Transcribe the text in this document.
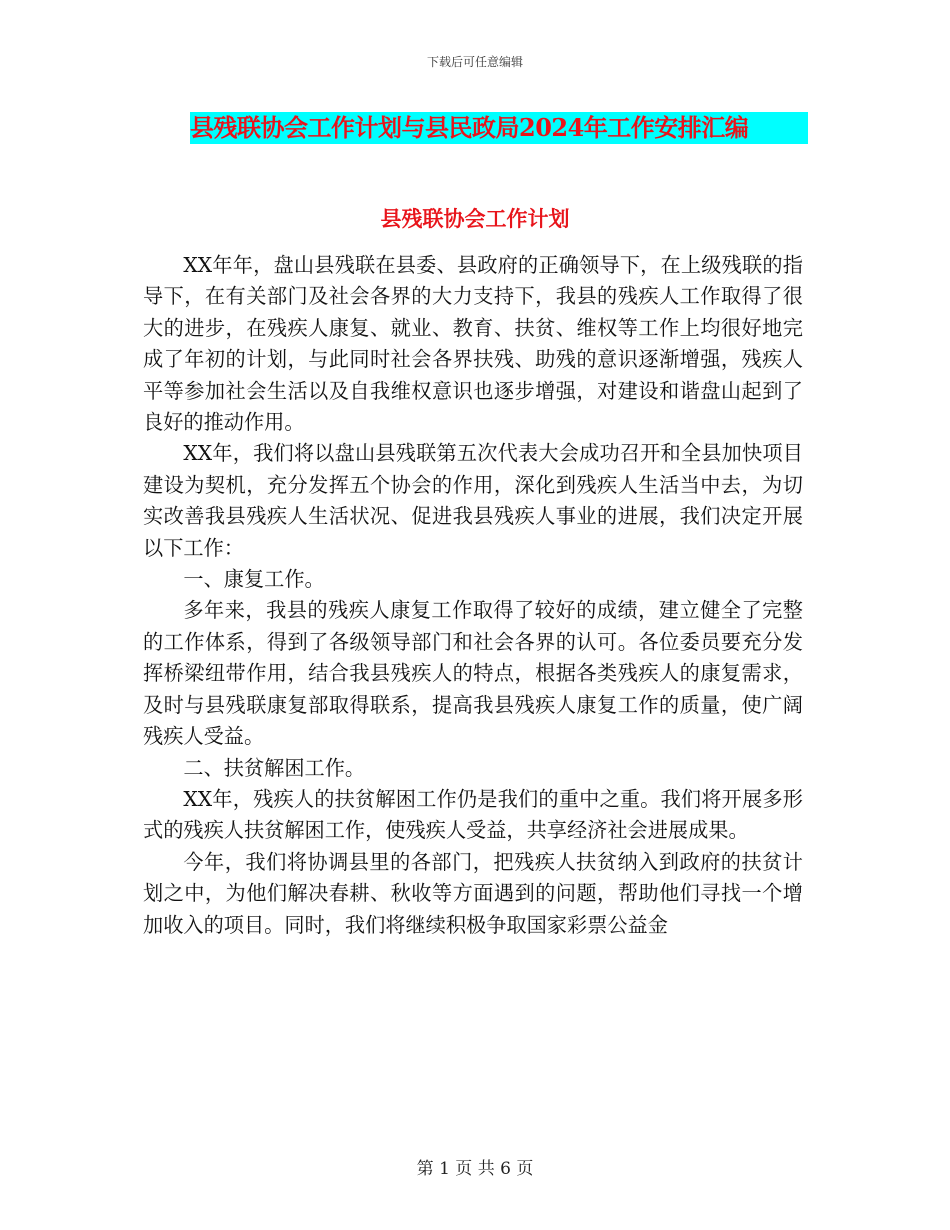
下载后可任意编辑
县残联协会工作计划与县民政局2024年工作安排汇编
县残联协会工作计划

XX年年，盘山县残联在县委、县政府的正确领导下，在上级残联的指导下，在有关部门及社会各界的大力支持下，我县的残疾人工作取得了很大的进步，在残疾人康复、就业、教育、扶贫、维权等工作上均很好地完成了年初的计划，与此同时社会各界扶残、助残的意识逐渐增强，残疾人平等参加社会生活以及自我维权意识也逐步增强，对建设和谐盘山起到了良好的推动作用。

XX年，我们将以盘山县残联第五次代表大会成功召开和全县加快项目建设为契机，充分发挥五个协会的作用，深化到残疾人生活当中去，为切实改善我县残疾人生活状况、促进我县残疾人事业的进展，我们决定开展以下工作：

一、康复工作。

多年来，我县的残疾人康复工作取得了较好的成绩，建立健全了完整的工作体系，得到了各级领导部门和社会各界的认可。各位委员要充分发挥桥梁纽带作用，结合我县残疾人的特点，根据各类残疾人的康复需求，及时与县残联康复部取得联系，提高我县残疾人康复工作的质量，使广阔残疾人受益。

二、扶贫解困工作。

XX年，残疾人的扶贫解困工作仍是我们的重中之重。我们将开展多形式的残疾人扶贫解困工作，使残疾人受益，共享经济社会进展成果。

今年，我们将协调县里的各部门，把残疾人扶贫纳入到政府的扶贫计划之中，为他们解决春耕、秋收等方面遇到的问题，帮助他们寻找一个增加收入的项目。同时，我们将继续积极争取国家彩票公益金

第 1 页 共 6 页
